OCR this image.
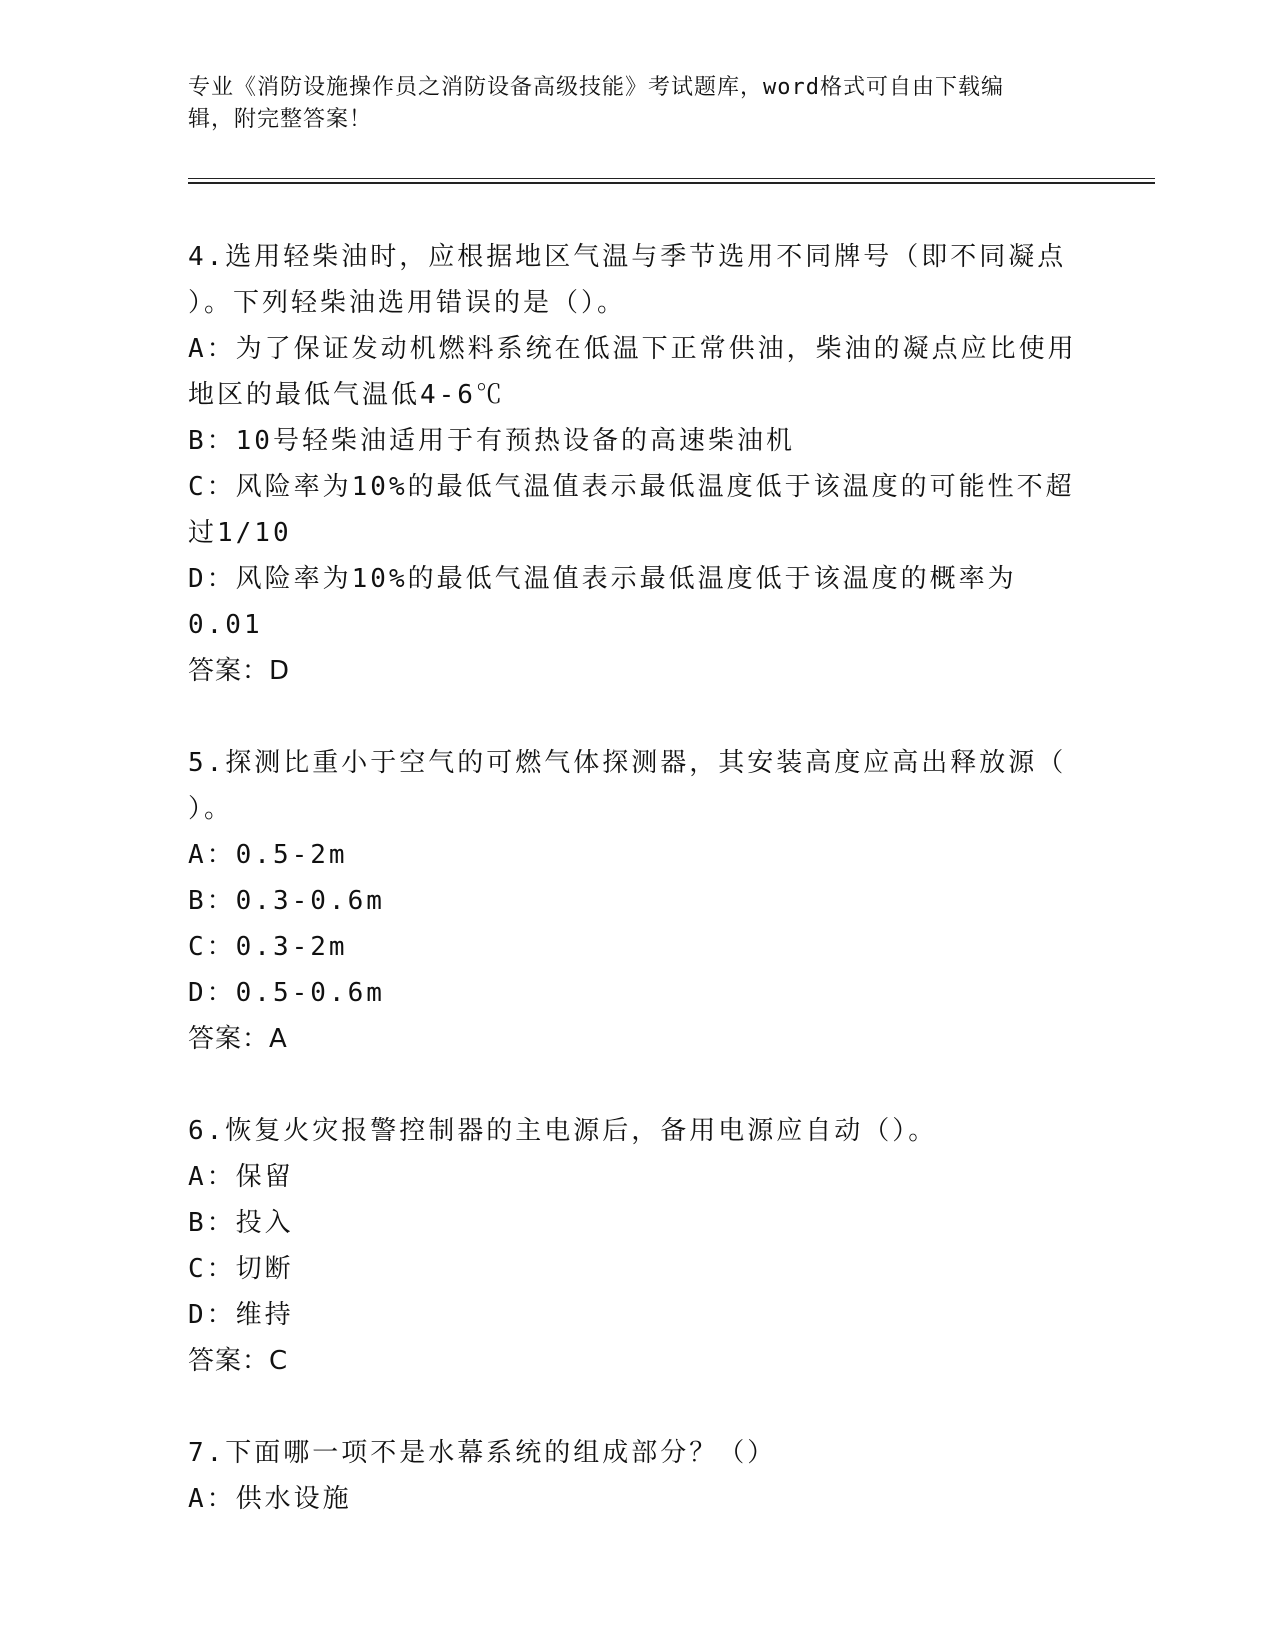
专业《消防设施操作员之消防设备高级技能》考试题库，word格式可自由下载编
辑，附完整答案！
4.选用轻柴油时，应根据地区气温与季节选用不同牌号（即不同凝点
）。下列轻柴油选用错误的是（）。
A：为了保证发动机燃料系统在低温下正常供油，柴油的凝点应比使用
地区的最低气温低4-6℃
B：10号轻柴油适用于有预热设备的高速柴油机
C：风险率为10%的最低气温值表示最低温度低于该温度的可能性不超
过1/10
D：风险率为10%的最低气温值表示最低温度低于该温度的概率为0.01
答案：D
5.探测比重小于空气的可燃气体探测器，其安装高度应高出释放源（
）。
A：0.5-2m
B：0.3-0.6m
C：0.3-2m
D：0.5-0.6m
答案：A
6.恢复火灾报警控制器的主电源后，备用电源应自动（）。
A：保留
B：投入
C：切断
D：维持
答案：C
7.下面哪一项不是水幕系统的组成部分？（）
A：供水设施
